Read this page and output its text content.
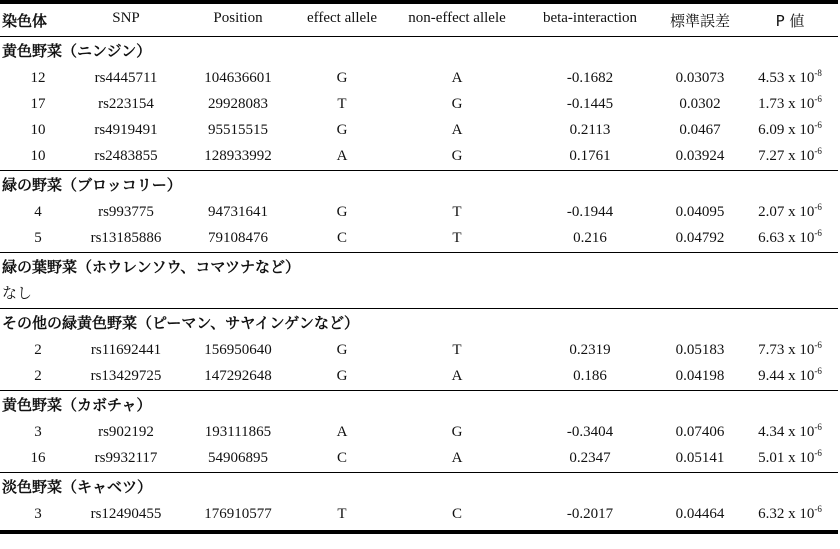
染色体	SNP	Position	effect allele	non-effect allele	beta-interaction	標準誤差	P 値
黄色野菜（ニンジン）
12	rs4445711	104636601	G	A	-0.1682	0.03073	4.53 x $10^{-8}$
17	rs223154	29928083	T	G	-0.1445	0.0302	1.73 x $10^{-6}$
10	rs4919491	95515515	G	A	0.2113	0.0467	6.09 x $10^{-6}$
10	rs2483855	128933992	A	G	0.1761	0.03924	7.27 x $10^{-6}$
緑の野菜（ブロッコリー）
4	rs993775	94731641	G	T	-0.1944	0.04095	2.07 x $10^{-6}$
5	rs13185886	79108476	C	T	0.216	0.04792	6.63 x $10^{-6}$
緑の葉野菜（ホウレンソウ、コマツナなど）
なし
その他の緑黄色野菜（ピーマン、サヤインゲンなど）
2	rs11692441	156950640	G	T	0.2319	0.05183	7.73 x $10^{-6}$
2	rs13429725	147292648	G	A	0.186	0.04198	9.44 x $10^{-6}$
黄色野菜（カボチャ）
3	rs902192	193111865	A	G	-0.3404	0.07406	4.34 x $10^{-6}$
16	rs9932117	54906895	C	A	0.2347	0.05141	5.01 x $10^{-6}$
淡色野菜（キャベツ）
3	rs12490455	176910577	T	C	-0.2017	0.04464	6.32 x $10^{-6}$
